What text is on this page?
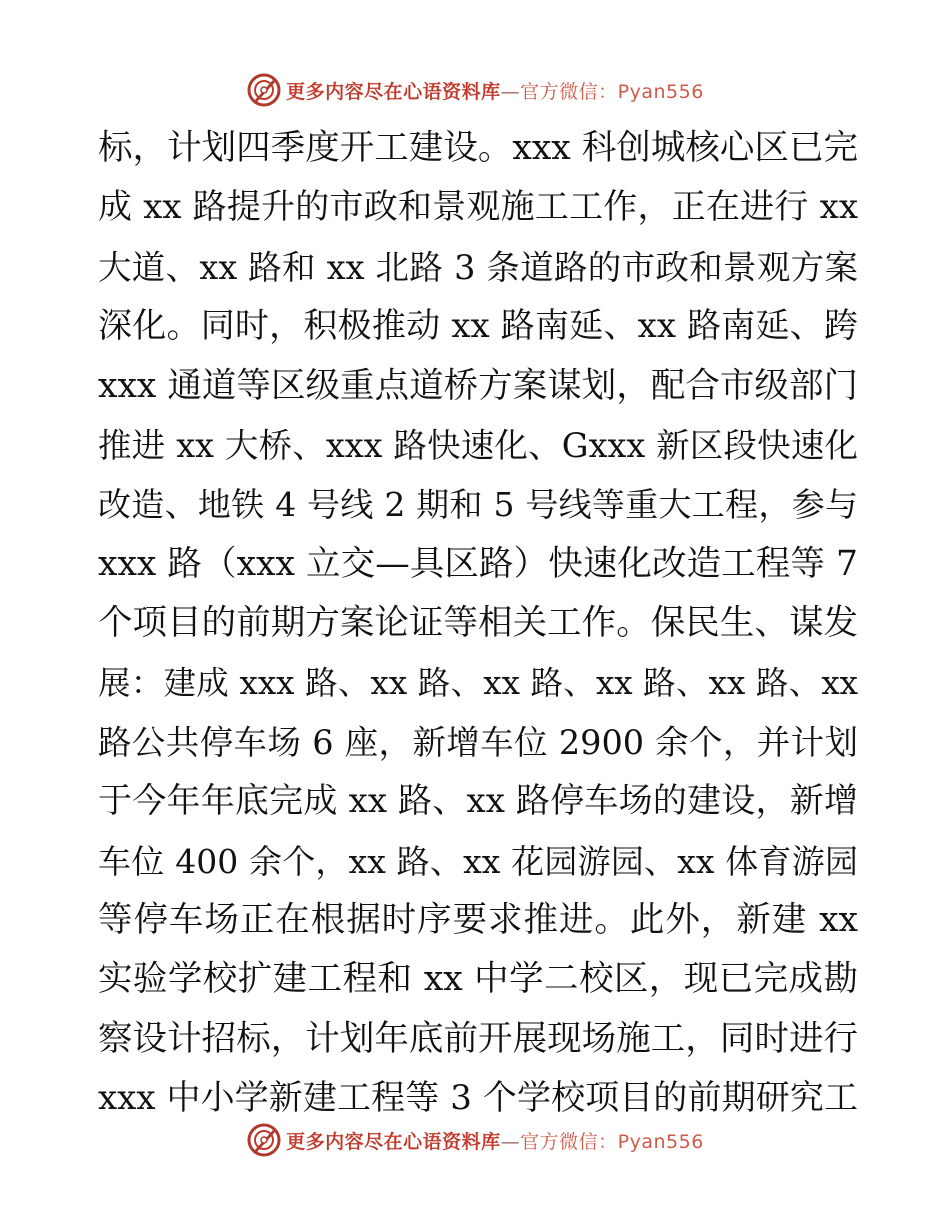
更多内容尽在心语资料库—官方微信：Pyan556
标，计划四季度开工建设。xxx 科创城核心区已完
成 xx 路提升的市政和景观施工工作，正在进行 xx
大道、xx 路和 xx 北路 3 条道路的市政和景观方案
深化。同时，积极推动 xx 路南延、xx 路南延、跨
xxx 通道等区级重点道桥方案谋划，配合市级部门
推进 xx 大桥、xxx 路快速化、Gxxx 新区段快速化
改造、地铁 4 号线 2 期和 5 号线等重大工程，参与
xxx 路（xxx 立交—具区路）快速化改造工程等 7
个项目的前期方案论证等相关工作。保民生、谋发
展：建成 xxx 路、xx 路、xx 路、xx 路、xx 路、xx
路公共停车场 6 座，新增车位 2900 余个，并计划
于今年年底完成 xx 路、xx 路停车场的建设，新增
车位 400 余个，xx 路、xx 花园游园、xx 体育游园
等停车场正在根据时序要求推进。此外，新建 xx
实验学校扩建工程和 xx 中学二校区，现已完成勘
察设计招标，计划年底前开展现场施工，同时进行
xxx 中小学新建工程等 3 个学校项目的前期研究工
更多内容尽在心语资料库—官方微信：Pyan556
